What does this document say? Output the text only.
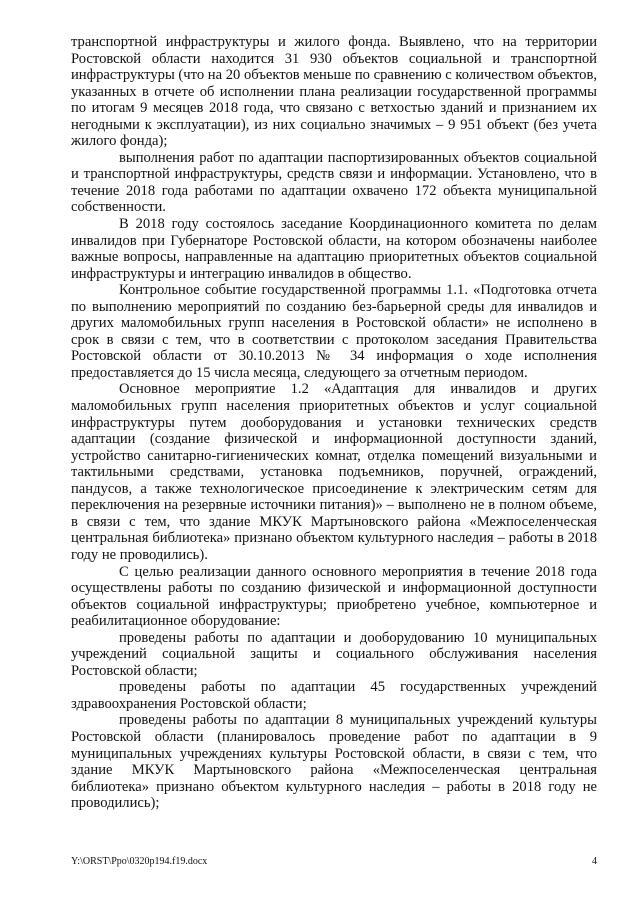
транспортной инфраструктуры и жилого фонда. Выявлено, что на территории Ростовской области находится 31 930 объектов социальной и транспортной инфраструктуры (что на 20 объектов меньше по сравнению с количеством объектов, указанных в отчете об исполнении плана реализации государственной программы по итогам 9 месяцев 2018 года, что связано с ветхостью зданий и признанием их негодными к эксплуатации), из них социально значимых – 9 951 объект (без учета жилого фонда);

выполнения работ по адаптации паспортизированных объектов социальной и транспортной инфраструктуры, средств связи и информации. Установлено, что в течение 2018 года работами по адаптации охвачено 172 объекта муниципальной собственности.

В 2018 году состоялось заседание Координационного комитета по делам инвалидов при Губернаторе Ростовской области, на котором обозначены наиболее важные вопросы, направленные на адаптацию приоритетных объектов социальной инфраструктуры и интеграцию инвалидов в общество.

Контрольное событие государственной программы 1.1. «Подготовка отчета по выполнению мероприятий по созданию без-барьерной среды для инвалидов и других маломобильных групп населения в Ростовской области» не исполнено в срок в связи с тем, что в соответствии с протоколом заседания Правительства Ростовской области от 30.10.2013 № 34 информация о ходе исполнения предоставляется до 15 числа месяца, следующего за отчетным периодом.

Основное мероприятие 1.2 «Адаптация для инвалидов и других маломобильных групп населения приоритетных объектов и услуг социальной инфраструктуры путем дооборудования и установки технических средств адаптации (создание физической и информационной доступности зданий, устройство санитарно-гигиенических комнат, отделка помещений визуальными и тактильными средствами, установка подъемников, поручней, ограждений, пандусов, а также технологическое присоединение к электрическим сетям для переключения на резервные источники питания)» – выполнено не в полном объеме, в связи с тем, что здание МКУК Мартыновского района «Межпоселенческая центральная библиотека» признано объектом культурного наследия – работы в 2018 году не проводились).

С целью реализации данного основного мероприятия в течение 2018 года осуществлены работы по созданию физической и информационной доступности объектов социальной инфраструктуры; приобретено учебное, компьютерное и реабилитационное оборудование:

проведены работы по адаптации и дооборудованию 10 муниципальных учреждений социальной защиты и социального обслуживания населения Ростовской области;

проведены работы по адаптации 45 государственных учреждений здравоохранения Ростовской области;

проведены работы по адаптации 8 муниципальных учреждений культуры Ростовской области (планировалось проведение работ по адаптации в 9 муниципальных учреждениях культуры Ростовской области, в связи с тем, что здание МКУК Мартыновского района «Межпоселенческая центральная библиотека» признано объектом культурного наследия – работы в 2018 году не проводились);

Y:\ORST\Ppo\0320p194.f19.docx	4
